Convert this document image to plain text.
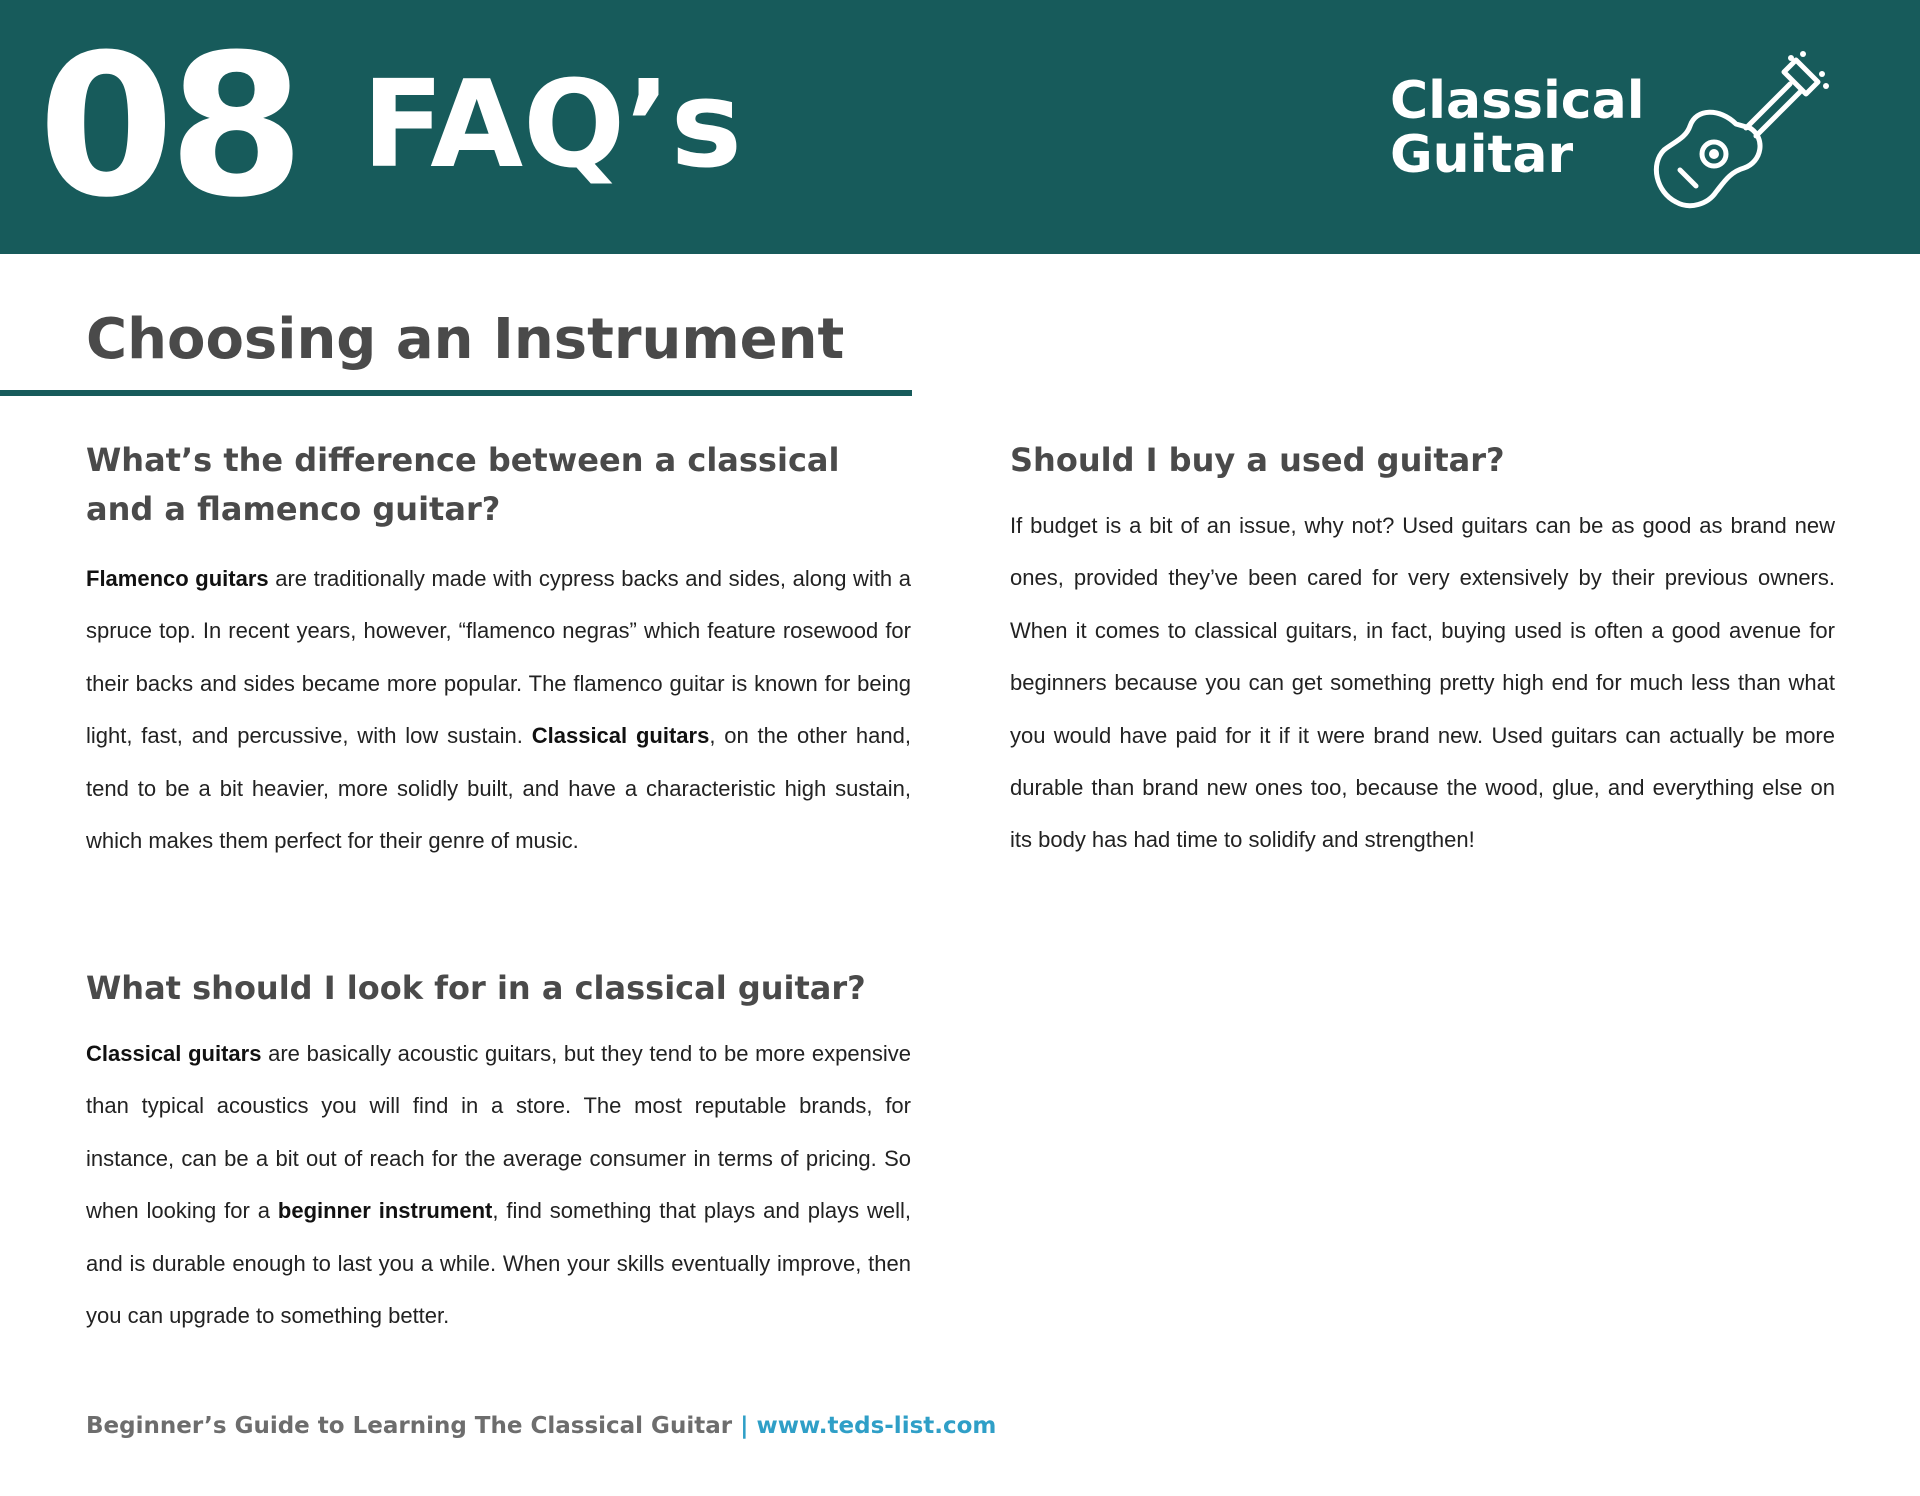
08 FAQ’s	Classical
Guitar
Choosing an Instrument
What’s the difference between a classical and a flamenco guitar?

Flamenco guitars are traditionally made with cypress backs and sides, along with a spruce top. In recent years, however, “flamenco negras” which feature rosewood for their backs and sides became more popular. The flamenco guitar is known for being light, fast, and percussive, with low sustain. Classical guitars, on the other hand, tend to be a bit heavier, more solidly built, and have a characteristic high sustain, which makes them perfect for their genre of music.

What should I look for in a classical guitar?

Classical guitars are basically acoustic guitars, but they tend to be more expensive than typical acoustics you will find in a store. The most reputable brands, for instance, can be a bit out of reach for the average consumer in terms of pricing. So when looking for a beginner instrument, find something that plays and plays well, and is durable enough to last you a while. When your skills eventually improve, then you can upgrade to something better.

Should I buy a used guitar?

If budget is a bit of an issue, why not? Used guitars can be as good as brand new ones, provided they’ve been cared for very extensively by their previous owners. When it comes to classical guitars, in fact, buying used is often a good avenue for beginners because you can get something pretty high end for much less than what you would have paid for it if it were brand new. Used guitars can actually be more durable than brand new ones too, because the wood, glue, and everything else on its body has had time to solidify and strengthen!

Beginner’s Guide to Learning The Classical Guitar | www.teds-list.com
